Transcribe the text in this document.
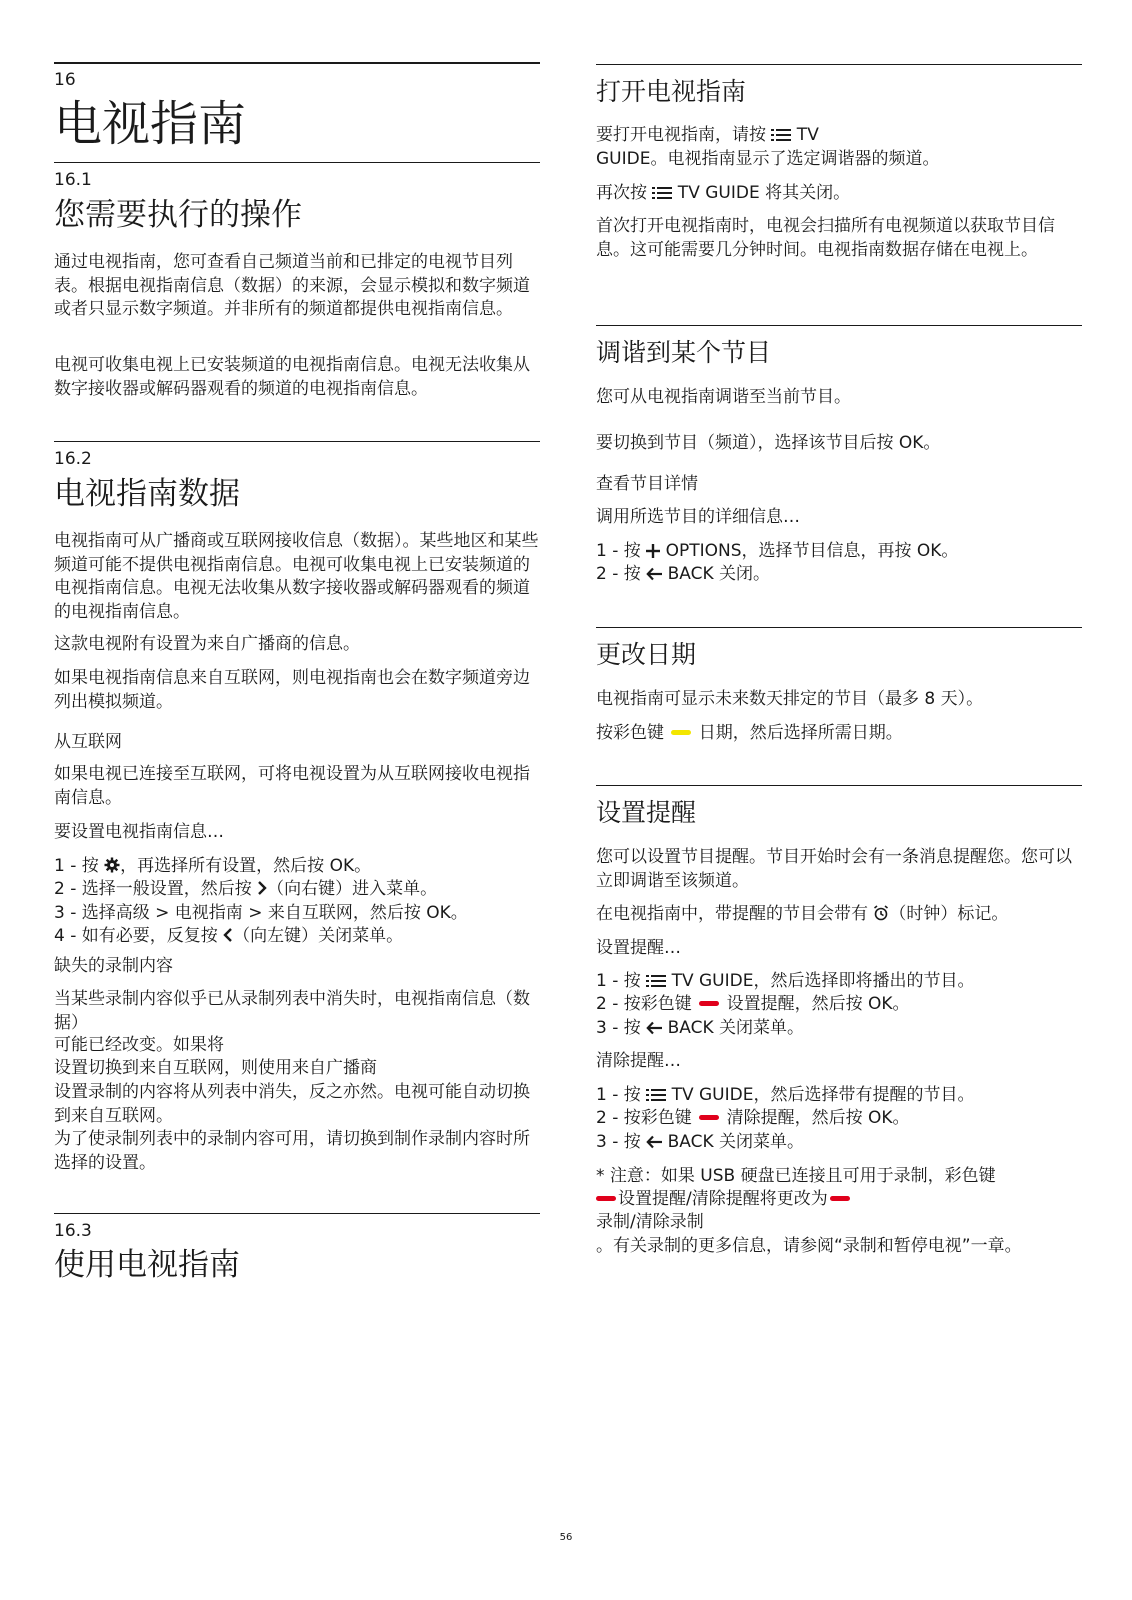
16
电视指南
16.1
您需要执行的操作

通过电视指南，您可查看自己频道当前和已排定的电视节目列表。根据电视指南信息（数据）的来源，会显示模拟和数字频道或者只显示数字频道。并非所有的频道都提供电视指南信息。

电视可收集电视上已安装频道的电视指南信息。电视无法收集从数字接收器或解码器观看的频道的电视指南信息。

16.2
电视指南数据

电视指南可从广播商或互联网接收信息（数据）。某些地区和某些频道可能不提供电视指南信息。电视可收集电视上已安装频道的电视指南信息。电视无法收集从数字接收器或解码器观看的频道的电视指南信息。

这款电视附有设置为来自广播商的信息。

如果电视指南信息来自互联网，则电视指南也会在数字频道旁边列出模拟频道。

从互联网

如果电视已连接至互联网，可将电视设置为从互联网接收电视指南信息。

要设置电视指南信息…
1 - 按 ，再选择所有设置，然后按 OK。
2 - 选择一般设置，然后按 （向右键）进入菜单。
3 - 选择高级 > 电视指南 > 来自互联网，然后按 OK。
4 - 如有必要，反复按 （向左键）关闭菜单。
缺失的录制内容

当某些录制内容似乎已从录制列表中消失时，电视指南信息（数据）

可能已经改变。如果将
设置切换到来自互联网，则使用来自广播商

设置录制的内容将从列表中消失，反之亦然。电视可能自动切换到来自互联网。

为了使录制列表中的录制内容可用，请切换到制作录制内容时所选择的设置。

16.3
使用电视指南
打开电视指南
要打开电视指南，请按  TV
GUIDE。电视指南显示了选定调谐器的频道。
再次按  TV GUIDE 将其关闭。

首次打开电视指南时，电视会扫描所有电视频道以获取节目信息。这可能需要几分钟时间。电视指南数据存储在电视上。

调谐到某个节目
您可从电视指南调谐至当前节目。
要切换到节目（频道），选择该节目后按 OK。
查看节目详情
调用所选节目的详细信息…
1 - 按  OPTIONS，选择节目信息，再按 OK。
2 - 按  BACK 关闭。
更改日期
电视指南可显示未来数天排定的节目（最多 8 天）。
按彩色键  日期，然后选择所需日期。
设置提醒

您可以设置节目提醒。节目开始时会有一条消息提醒您。您可以立即调谐至该频道。

在电视指南中，带提醒的节目会带有 （时钟）标记。
设置提醒…
1 - 按  TV GUIDE，然后选择即将播出的节目。
2 - 按彩色键  设置提醒，然后按 OK。
3 - 按  BACK 关闭菜单。
清除提醒…
1 - 按  TV GUIDE，然后选择带有提醒的节目。
2 - 按彩色键  清除提醒，然后按 OK。
3 - 按  BACK 关闭菜单。
* 注意：如果 USB 硬盘已连接且可用于录制，彩色键
设置提醒/清除提醒将更改为
录制/清除录制
。有关录制的更多信息，请参阅“录制和暂停电视”一章。
56
